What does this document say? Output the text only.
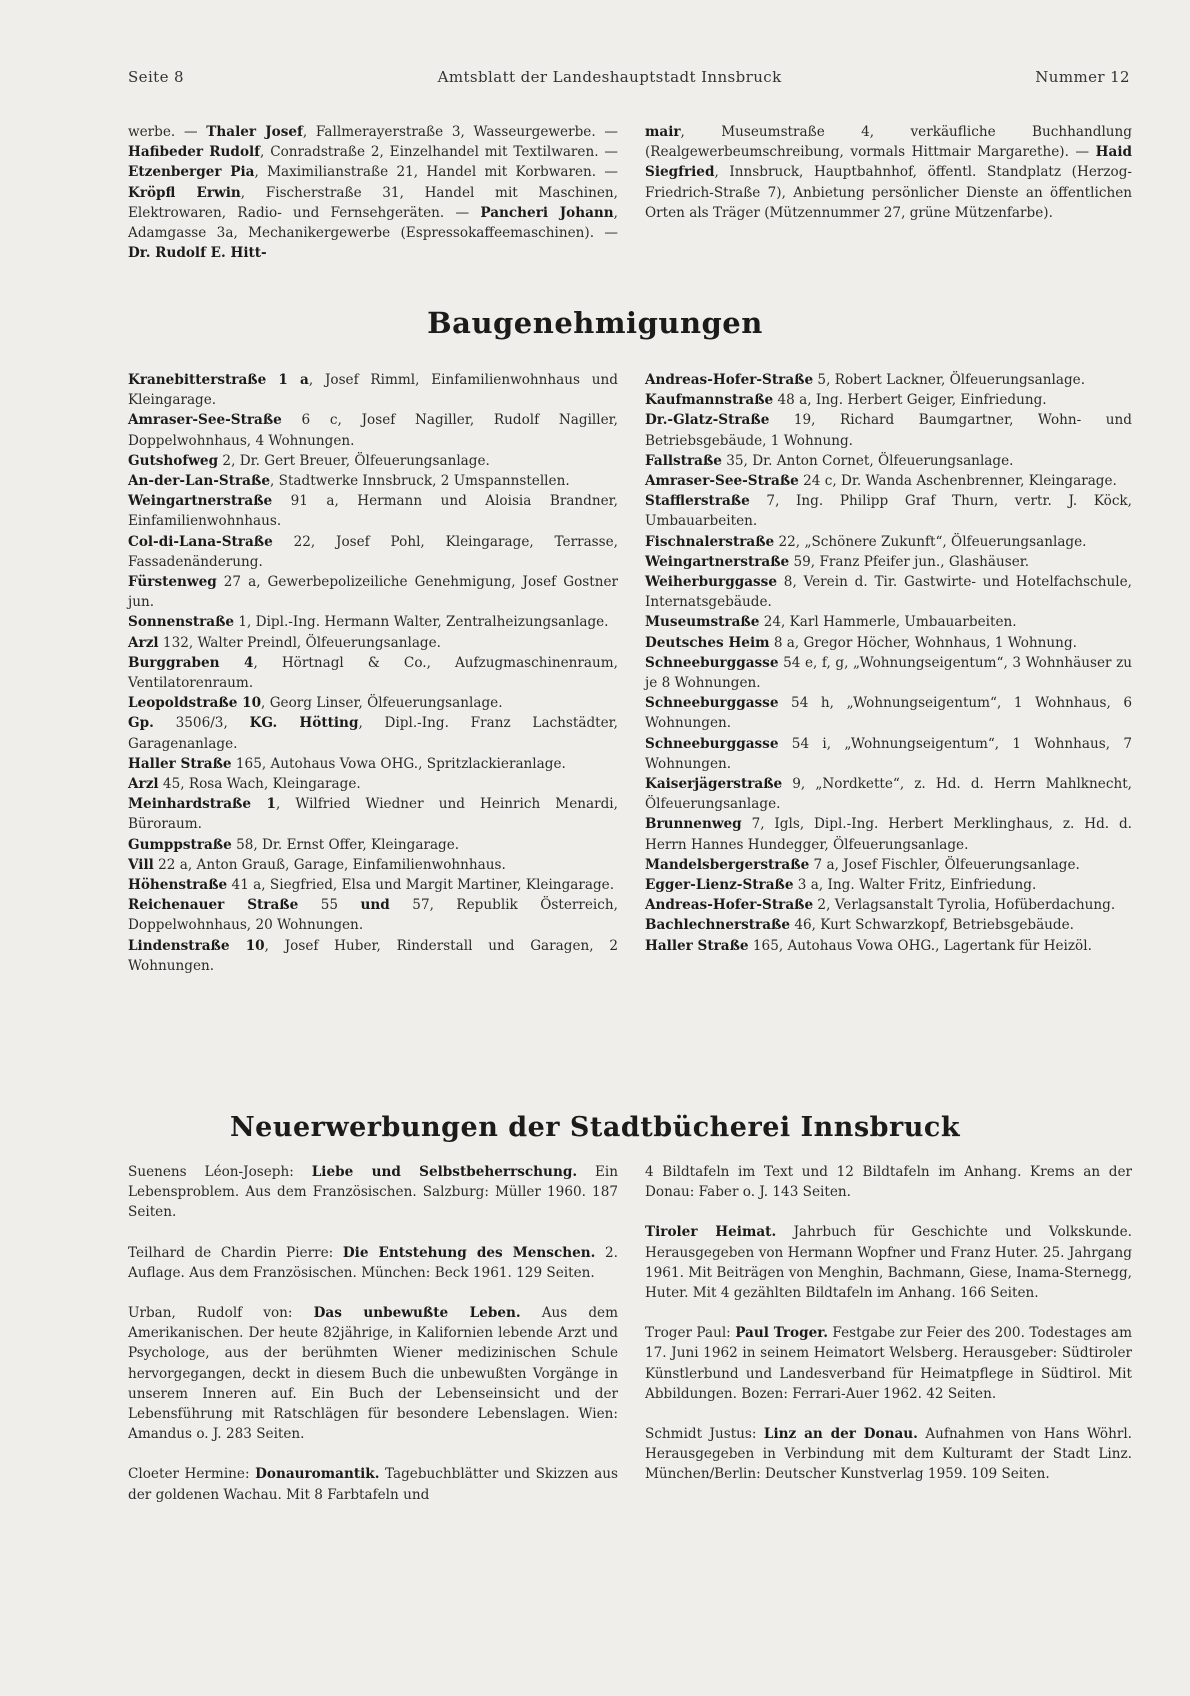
Seite 8	Amtsblatt der Landeshauptstadt Innsbruck	Nummer 12

werbe. — Thaler Josef, Fallmerayerstraße 3, Wasseurgewerbe. — Hafibeder Rudolf, Conradstraße 2, Einzelhandel mit Textilwaren. — Etzenberger Pia, Maximilianstraße 21, Handel mit Korbwaren. — Kröpfl Erwin, Fischerstraße 31, Handel mit Maschinen, Elektrowaren, Radio- und Fernsehgeräten. — Pancheri Johann, Adamgasse 3a, Mechanikergewerbe (Espressokaffeemaschinen). — Dr. Rudolf E. Hitt-

mair, Museumstraße 4, verkäufliche Buchhandlung (Realgewerbeumschreibung, vormals Hittmair Margarethe). — Haid Siegfried, Innsbruck, Hauptbahnhof, öffentl. Standplatz (Herzog-Friedrich-Straße 7), Anbietung persönlicher Dienste an öffentlichen Orten als Träger (Mützennummer 27, grüne Mützenfarbe).

Baugenehmigungen

Kranebitterstraße 1 a, Josef Rimml, Einfamilienwohnhaus und Kleingarage.

Amraser-See-Straße 6 c, Josef Nagiller, Rudolf Nagiller, Doppelwohnhaus, 4 Wohnungen.

Gutshofweg 2, Dr. Gert Breuer, Ölfeuerungsanlage.

An-der-Lan-Straße, Stadtwerke Innsbruck, 2 Umspannstellen.

Weingartnerstraße 91 a, Hermann und Aloisia Brandner, Einfamilienwohnhaus.

Col-di-Lana-Straße 22, Josef Pohl, Kleingarage, Terrasse, Fassadenänderung.

Fürstenweg 27 a, Gewerbepolizeiliche Genehmigung, Josef Gostner jun.

Sonnenstraße 1, Dipl.-Ing. Hermann Walter, Zentralheizungsanlage.

Arzl 132, Walter Preindl, Ölfeuerungsanlage.

Burggraben 4, Hörtnagl & Co., Aufzugmaschinenraum, Ventilatorenraum.

Leopoldstraße 10, Georg Linser, Ölfeuerungsanlage.

Gp. 3506/3, KG. Hötting, Dipl.-Ing. Franz Lachstädter, Garagenanlage.

Haller Straße 165, Autohaus Vowa OHG., Spritzlackieranlage.

Arzl 45, Rosa Wach, Kleingarage.

Meinhardstraße 1, Wilfried Wiedner und Heinrich Menardi, Büroraum.

Gumppstraße 58, Dr. Ernst Offer, Kleingarage.

Vill 22 a, Anton Grauß, Garage, Einfamilienwohnhaus.

Höhenstraße 41 a, Siegfried, Elsa und Margit Martiner, Kleingarage.

Reichenauer Straße 55 und 57, Republik Österreich, Doppelwohnhaus, 20 Wohnungen.

Lindenstraße 10, Josef Huber, Rinderstall und Garagen, 2 Wohnungen.

Andreas-Hofer-Straße 5, Robert Lackner, Ölfeuerungsanlage.

Kaufmannstraße 48 a, Ing. Herbert Geiger, Einfriedung.

Dr.-Glatz-Straße 19, Richard Baumgartner, Wohn- und Betriebsgebäude, 1 Wohnung.

Fallstraße 35, Dr. Anton Cornet, Ölfeuerungsanlage.

Amraser-See-Straße 24 c, Dr. Wanda Aschenbrenner, Kleingarage.

Stafflerstraße 7, Ing. Philipp Graf Thurn, vertr. J. Köck, Umbauarbeiten.

Fischnalerstraße 22, „Schönere Zukunft“, Ölfeuerungsanlage.

Weingartnerstraße 59, Franz Pfeifer jun., Glashäuser.

Weiherburggasse 8, Verein d. Tir. Gastwirte- und Hotelfachschule, Internatsgebäude.

Museumstraße 24, Karl Hammerle, Umbauarbeiten.

Deutsches Heim 8 a, Gregor Höcher, Wohnhaus, 1 Wohnung.

Schneeburggasse 54 e, f, g, „Wohnungseigentum“, 3 Wohnhäuser zu je 8 Wohnungen.

Schneeburggasse 54 h, „Wohnungseigentum“, 1 Wohnhaus, 6 Wohnungen.

Schneeburggasse 54 i, „Wohnungseigentum“, 1 Wohnhaus, 7 Wohnungen.

Kaiserjägerstraße 9, „Nordkette“, z. Hd. d. Herrn Mahlknecht, Ölfeuerungsanlage.

Brunnenweg 7, Igls, Dipl.-Ing. Herbert Merklinghaus, z. Hd. d. Herrn Hannes Hundegger, Ölfeuerungsanlage.

Mandelsbergerstraße 7 a, Josef Fischler, Ölfeuerungsanlage.

Egger-Lienz-Straße 3 a, Ing. Walter Fritz, Einfriedung.

Andreas-Hofer-Straße 2, Verlagsanstalt Tyrolia, Hofüberdachung.

Bachlechnerstraße 46, Kurt Schwarzkopf, Betriebsgebäude.

Haller Straße 165, Autohaus Vowa OHG., Lagertank für Heizöl.

Neuerwerbungen der Stadtbücherei Innsbruck

Suenens Léon-Joseph: Liebe und Selbstbeherrschung. Ein Lebensproblem. Aus dem Französischen. Salzburg: Müller 1960. 187 Seiten.

Teilhard de Chardin Pierre: Die Entstehung des Menschen. 2. Auflage. Aus dem Französischen. München: Beck 1961. 129 Seiten.

Urban, Rudolf von: Das unbewußte Leben. Aus dem Amerikanischen. Der heute 82jährige, in Kalifornien lebende Arzt und Psychologe, aus der berühmten Wiener medizinischen Schule hervorgegangen, deckt in diesem Buch die unbewußten Vorgänge in unserem Inneren auf. Ein Buch der Lebenseinsicht und der Lebensführung mit Ratschlägen für besondere Lebenslagen. Wien: Amandus o. J. 283 Seiten.

Cloeter Hermine: Donauromantik. Tagebuchblätter und Skizzen aus der goldenen Wachau. Mit 8 Farbtafeln und

4 Bildtafeln im Text und 12 Bildtafeln im Anhang. Krems an der Donau: Faber o. J. 143 Seiten.

Tiroler Heimat. Jahrbuch für Geschichte und Volkskunde. Herausgegeben von Hermann Wopfner und Franz Huter. 25. Jahrgang 1961. Mit Beiträgen von Menghin, Bachmann, Giese, Inama-Sternegg, Huter. Mit 4 gezählten Bildtafeln im Anhang. 166 Seiten.

Troger Paul: Paul Troger. Festgabe zur Feier des 200. Todestages am 17. Juni 1962 in seinem Heimatort Welsberg. Herausgeber: Südtiroler Künstlerbund und Landesverband für Heimatpflege in Südtirol. Mit Abbildungen. Bozen: Ferrari-Auer 1962. 42 Seiten.

Schmidt Justus: Linz an der Donau. Aufnahmen von Hans Wöhrl. Herausgegeben in Verbindung mit dem Kulturamt der Stadt Linz. München/Berlin: Deutscher Kunstverlag 1959. 109 Seiten.
